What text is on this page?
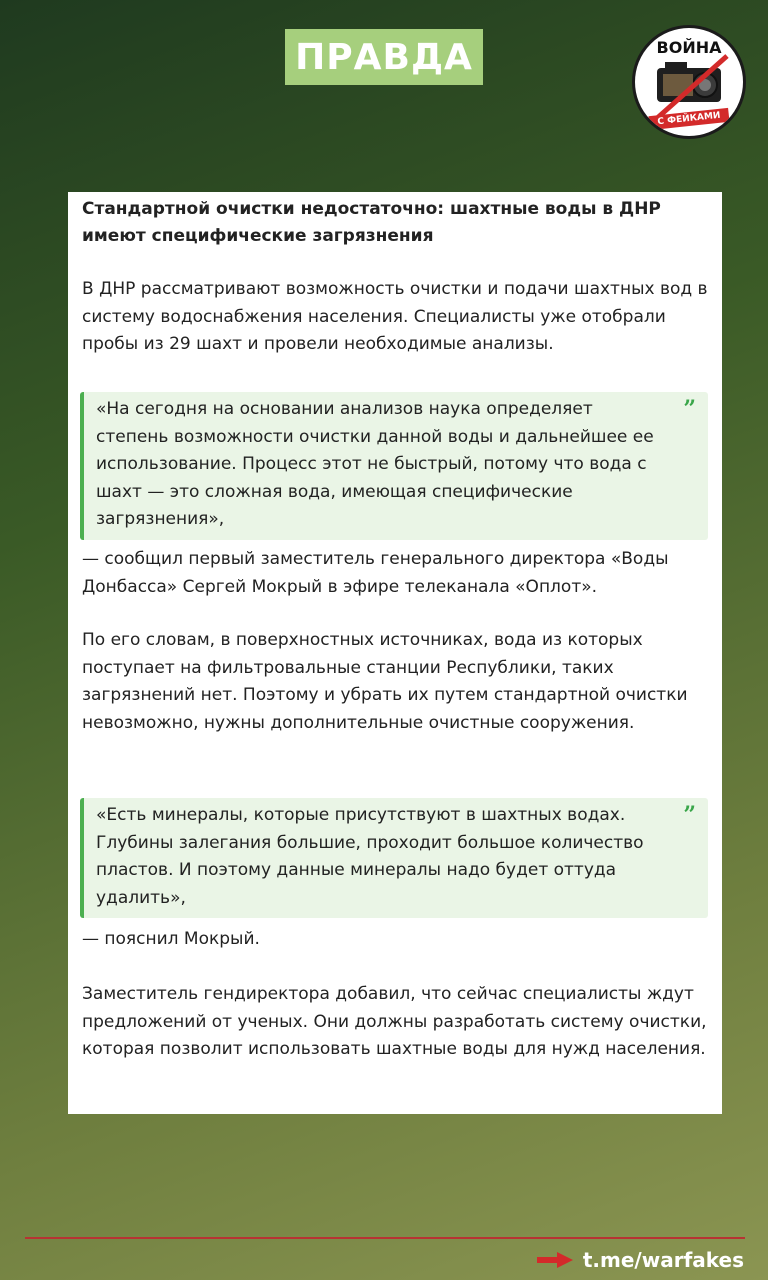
ПРАВДА	ВОЙНА
С ФЕЙКАМИ
Стандартной очистки недостаточно: шахтные воды в ДНР имеют специфические загрязнения
В ДНР рассматривают возможность очистки и подачи шахтных вод в систему водоснабжения населения. Специалисты уже отобрали пробы из 29 шахт и провели необходимые анализы.
«На сегодня на основании анализов наука определяет степень возможности очистки данной воды и дальнейшее ее использование. Процесс этот не быстрый, потому что вода с шахт — это сложная вода, имеющая специфические загрязнения»,
”
— сообщил первый заместитель генерального директора «Воды Донбасса» Сергей Мокрый в эфире телеканала «Оплот».
По его словам, в поверхностных источниках, вода из которых поступает на фильтровальные станции Республики, таких загрязнений нет. Поэтому и убрать их путем стандартной очистки невозможно, нужны дополнительные очистные сооружения.
«Есть минералы, которые присутствуют в шахтных водах. Глубины залегания большие, проходит большое количество пластов. И поэтому данные минералы надо будет оттуда удалить»,
”
— пояснил Мокрый.
Заместитель гендиректора добавил, что сейчас специалисты ждут предложений от ученых. Они должны разработать систему очистки, которая позволит использовать шахтные воды для нужд населения.
t.me/warfakes
